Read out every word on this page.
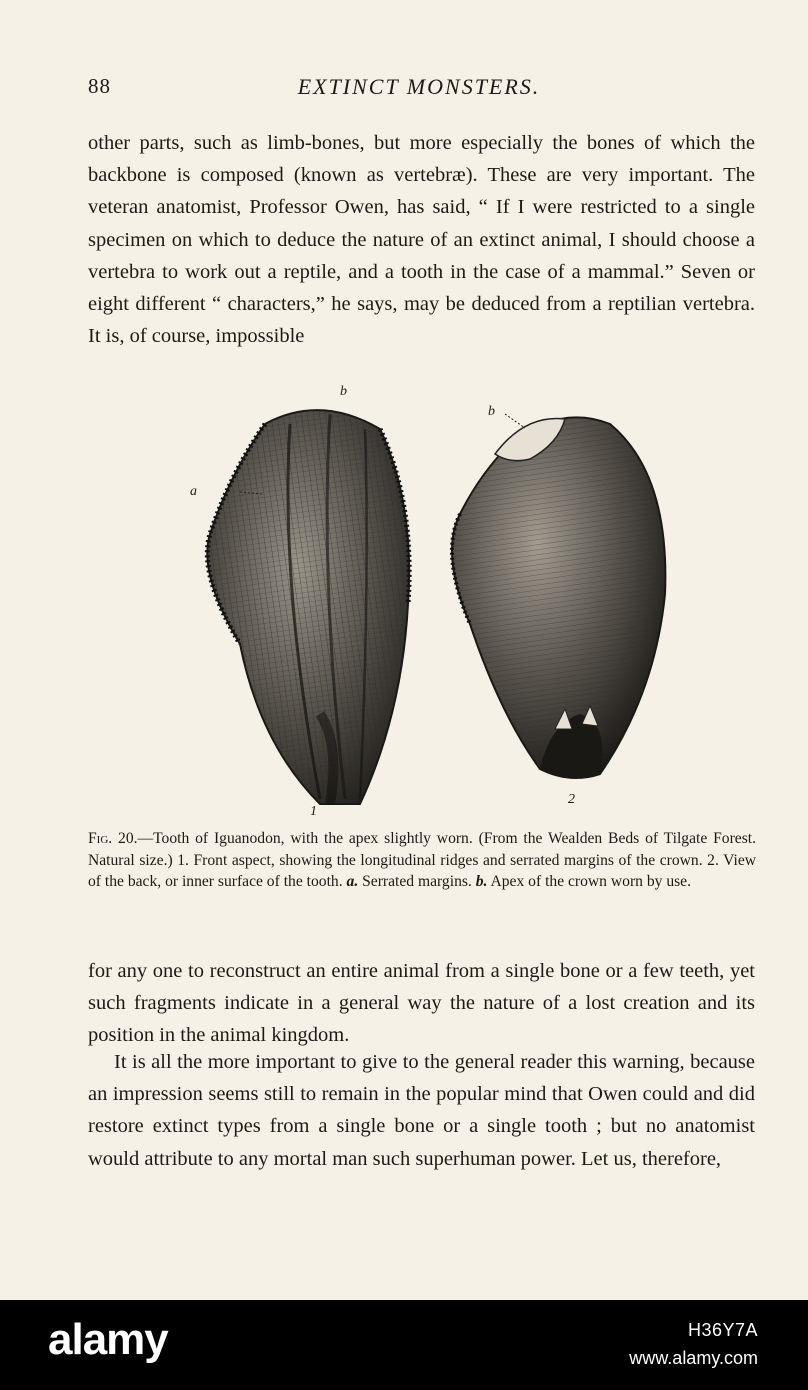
88	EXTINCT MONSTERS.

other parts, such as limb-bones, but more especially the bones of which the backbone is composed (known as vertebræ). These are very important. The veteran anatomist, Professor Owen, has said, “ If I were restricted to a single specimen on which to deduce the nature of an extinct animal, I should choose a vertebra to work out a reptile, and a tooth in the case of a mammal.” Seven or eight different “ characters,” he says, may be deduced from a reptilian vertebra. It is, of course, impossible

b
a
b
1
2

Fig. 20.—Tooth of Iguanodon, with the apex slightly worn. (From the Wealden Beds of Tilgate Forest. Natural size.) 1. Front aspect, showing the longitudinal ridges and serrated margins of the crown. 2. View of the back, or inner surface of the tooth. a. Serrated margins. b. Apex of the crown worn by use.

for any one to reconstruct an entire animal from a single bone or a few teeth, yet such fragments indicate in a general way the nature of a lost creation and its position in the animal kingdom.

It is all the more important to give to the general reader this warning, because an impression seems still to remain in the popular mind that Owen could and did restore extinct types from a single bone or a single tooth ; but no anatomist would attribute to any mortal man such superhuman power. Let us, therefore,

alamy	H36Y7A
www.alamy.com
